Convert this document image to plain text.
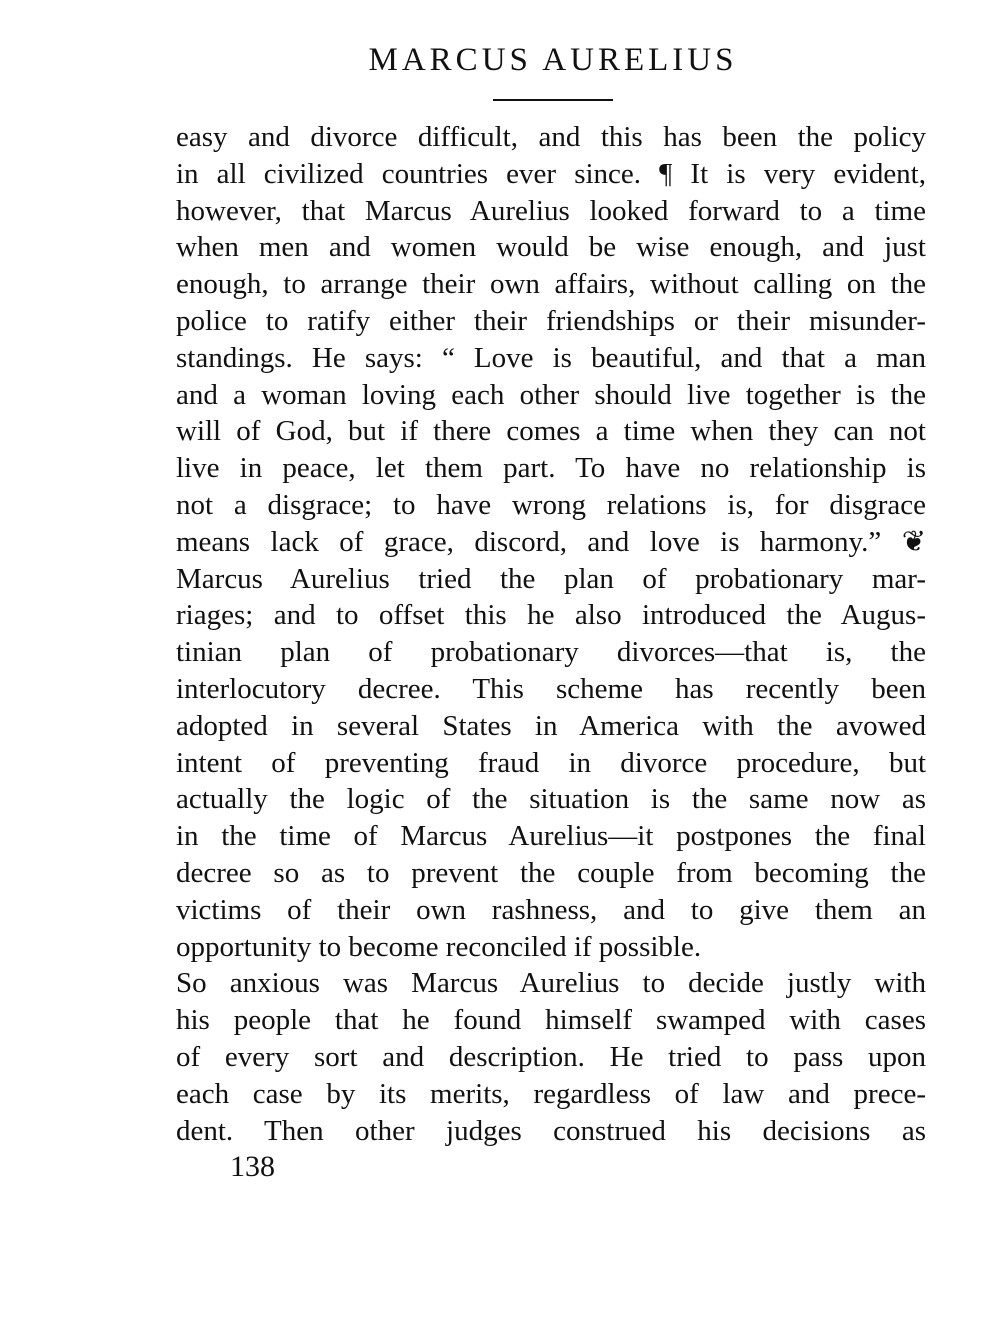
MARCUS AURELIUS
easy and divorce difficult, and this has been the policy
in all civilized countries ever since. ¶ It is very evident,
however, that Marcus Aurelius looked forward to a time
when men and women would be wise enough, and just
enough, to arrange their own affairs, without calling on the
police to ratify either their friendships or their misunder-
standings. He says: “ Love is beautiful, and that a man
and a woman loving each other should live together is the
will of God, but if there comes a time when they can not
live in peace, let them part. To have no relationship is
not a disgrace; to have wrong relations is, for disgrace
means lack of grace, discord, and love is harmony.” ❦
Marcus Aurelius tried the plan of probationary mar-
riages; and to offset this he also introduced the Augus-
tinian plan of probationary divorces—that is, the
interlocutory decree. This scheme has recently been
adopted in several States in America with the avowed
intent of preventing fraud in divorce procedure, but
actually the logic of the situation is the same now as
in the time of Marcus Aurelius—it postpones the final
decree so as to prevent the couple from becoming the
victims of their own rashness, and to give them an
opportunity to become reconciled if possible.
So anxious was Marcus Aurelius to decide justly with
his people that he found himself swamped with cases
of every sort and description. He tried to pass upon
each case by its merits, regardless of law and prece-
dent. Then other judges construed his decisions as
138
